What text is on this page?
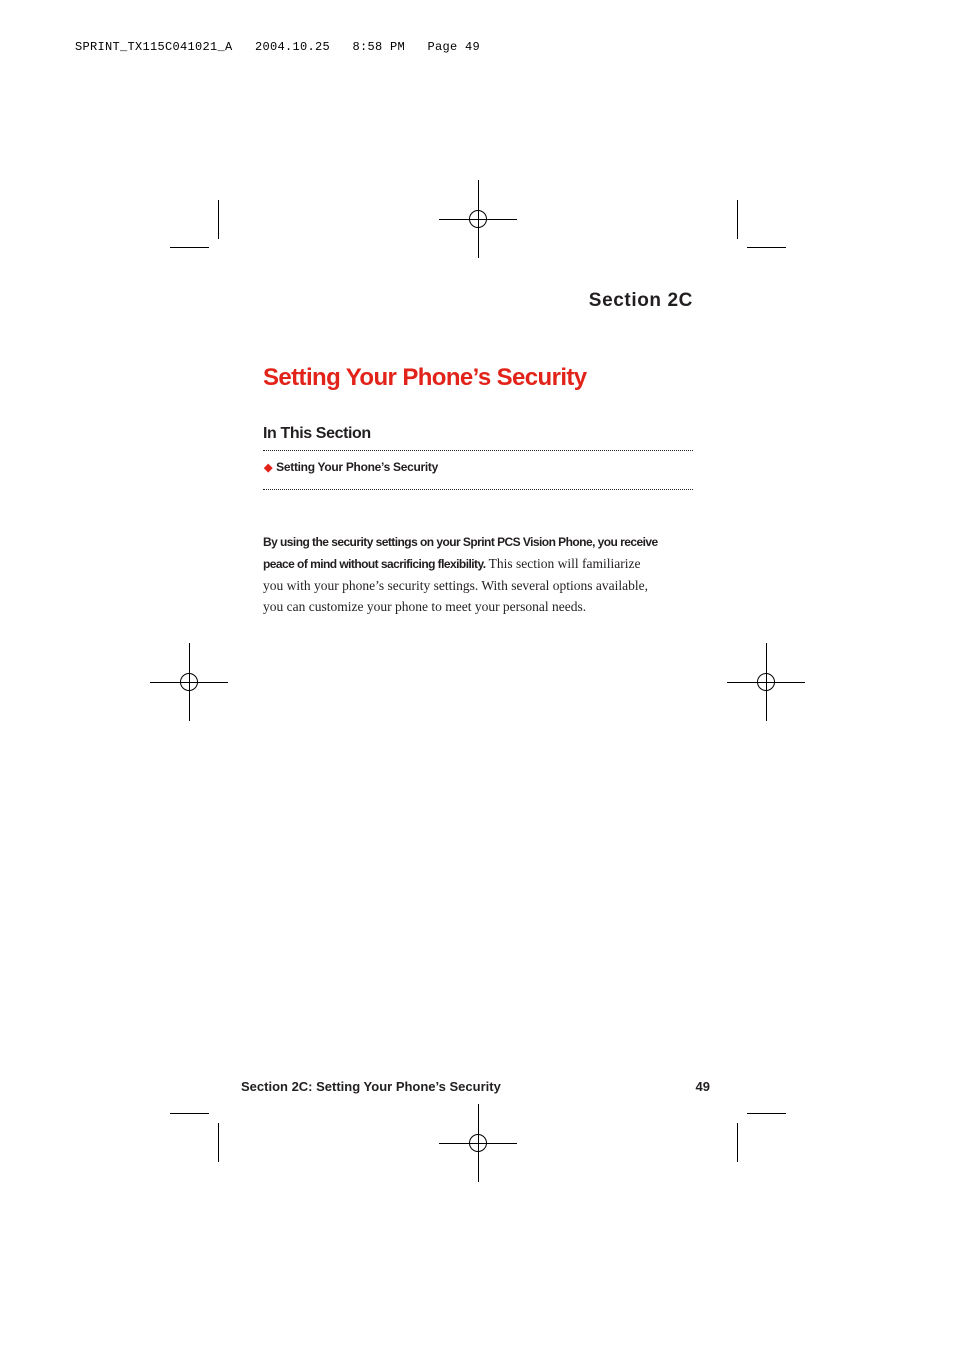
SPRINT_TX115C041021_A   2004.10.25   8:58 PM   Page 49
Section 2C
Setting Your Phone’s Security
In This Section
◆ Setting Your Phone’s Security

By using the security settings on your Sprint PCS Vision Phone, you receive peace of mind without sacrificing flexibility. This section will familiarize you with your phone’s security settings. With several options available, you can customize your phone to meet your personal needs.

Section 2C: Setting Your Phone’s Security	49
